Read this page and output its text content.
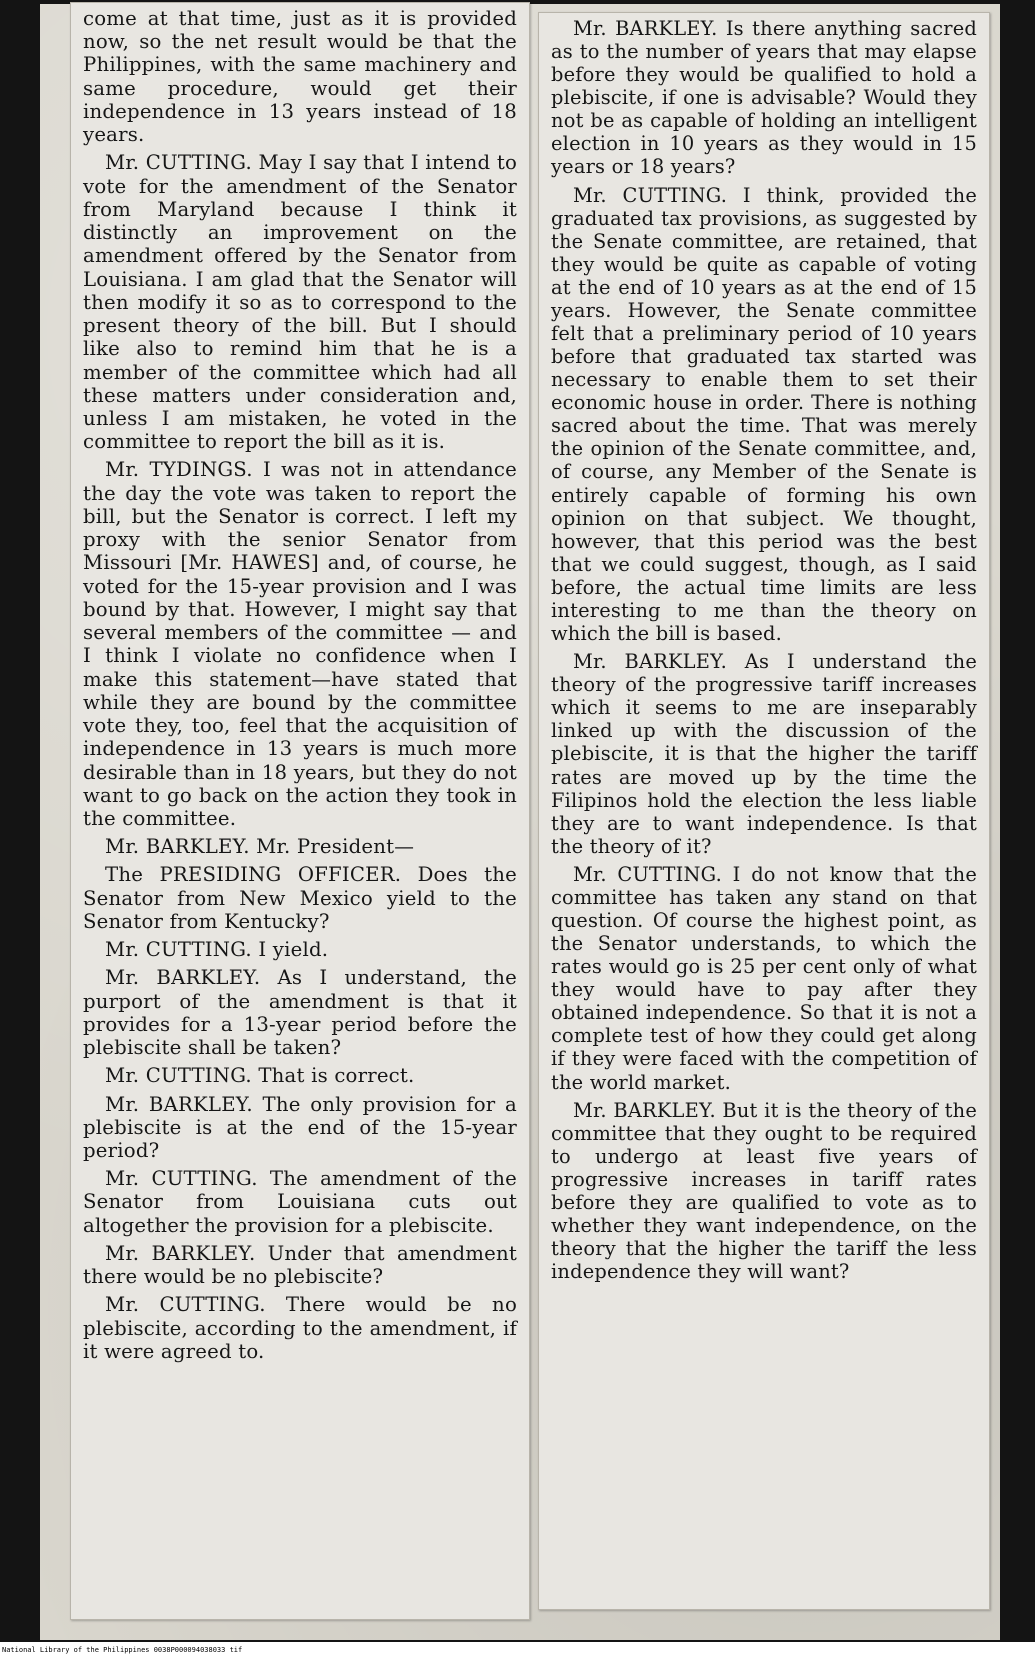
come at that time, just as it is provided now, so the net result would be that the Philippines, with the same machinery and same procedure, would get their independence in 13 years instead of 18 years.

Mr. CUTTING. May I say that I intend to vote for the amendment of the Senator from Maryland because I think it distinctly an improvement on the amendment offered by the Senator from Louisiana. I am glad that the Senator will then modify it so as to correspond to the present theory of the bill. But I should like also to remind him that he is a member of the committee which had all these matters under consideration and, unless I am mistaken, he voted in the committee to report the bill as it is.

Mr. TYDINGS. I was not in attendance the day the vote was taken to report the bill, but the Senator is correct. I left my proxy with the senior Senator from Missouri [Mr. HAWES] and, of course, he voted for the 15-year provision and I was bound by that. However, I might say that several members of the committee — and I think I violate no confidence when I make this statement—have stated that while they are bound by the committee vote they, too, feel that the acquisition of independence in 13 years is much more desirable than in 18 years, but they do not want to go back on the action they took in the committee.

Mr. BARKLEY. Mr. President—

The PRESIDING OFFICER. Does the Senator from New Mexico yield to the Senator from Kentucky?

Mr. CUTTING. I yield.

Mr. BARKLEY. As I understand, the purport of the amendment is that it provides for a 13-year period before the plebiscite shall be taken?

Mr. CUTTING. That is correct.

Mr. BARKLEY. The only provision for a plebiscite is at the end of the 15-year period?

Mr. CUTTING. The amendment of the Senator from Louisiana cuts out altogether the provision for a plebiscite.

Mr. BARKLEY. Under that amendment there would be no plebiscite?

Mr. CUTTING. There would be no plebiscite, according to the amendment, if it were agreed to.

Mr. BARKLEY. Is there anything sacred as to the number of years that may elapse before they would be qualified to hold a plebiscite, if one is advisable? Would they not be as capable of holding an intelligent election in 10 years as they would in 15 years or 18 years?

Mr. CUTTING. I think, provided the graduated tax provisions, as suggested by the Senate committee, are retained, that they would be quite as capable of voting at the end of 10 years as at the end of 15 years. However, the Senate committee felt that a preliminary period of 10 years before that graduated tax started was necessary to enable them to set their economic house in order. There is nothing sacred about the time. That was merely the opinion of the Senate committee, and, of course, any Member of the Senate is entirely capable of forming his own opinion on that subject. We thought, however, that this period was the best that we could suggest, though, as I said before, the actual time limits are less interesting to me than the theory on which the bill is based.

Mr. BARKLEY. As I understand the theory of the progressive tariff increases which it seems to me are inseparably linked up with the discussion of the plebiscite, it is that the higher the tariff rates are moved up by the time the Filipinos hold the election the less liable they are to want independence. Is that the theory of it?

Mr. CUTTING. I do not know that the committee has taken any stand on that question. Of course the highest point, as the Senator understands, to which the rates would go is 25 per cent only of what they would have to pay after they obtained independence. So that it is not a complete test of how they could get along if they were faced with the competition of the world market.

Mr. BARKLEY. But it is the theory of the committee that they ought to be required to undergo at least five years of progressive increases in tariff rates before they are qualified to vote as to whether they want independence, on the theory that the higher the tariff the less independence they will want?

National Library of the Philippines 0038P000094038033 tif
